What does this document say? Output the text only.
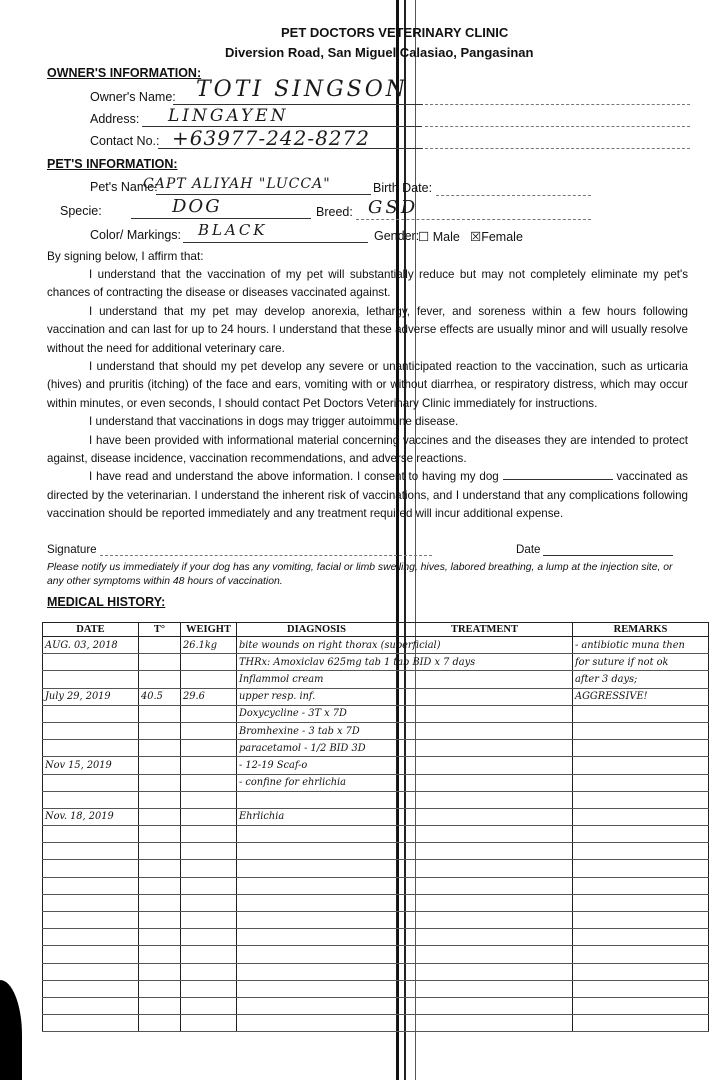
PET DOCTORS VETERINARY CLINIC
Diversion Road, San Miguel Calasiao, Pangasinan
OWNER'S INFORMATION:
Owner's Name: TOTI SINGSON
Address: LINGAYEN
Contact No.: +63977-242-8272
PET'S INFORMATION:
Pet's Name:
CAPT ALIYAH "LUCCA"	Birth Date:
Specie:	DOG	Breed: GSD
Color/ Markings: BLACK	Gender:
☐ Male ☒Female
By signing below, I affirm that:

I understand that the vaccination of my pet will substantially reduce but may not completely eliminate my pet's chances of contracting the disease or diseases vaccinated against.

I understand that my pet may develop anorexia, lethargy, fever, and soreness within a few hours following vaccination and can last for up to 24 hours. I understand that these adverse effects are usually minor and will usually resolve without the need for additional veterinary care.

I understand that should my pet develop any severe or unanticipated reaction to the vaccination, such as urticaria (hives) and pruritis (itching) of the face and ears, vomiting with or without diarrhea, or respiratory distress, which may occur within minutes, or even seconds, I should contact Pet Doctors Veterinary Clinic immediately for instructions.

I understand that vaccinations in dogs may trigger autoimmune disease.

I have been provided with informational material concerning vaccines and the diseases they are intended to protect against, disease incidence, vaccination recommendations, and adverse reactions.

I have read and understand the above information. I consent to having my dog	vaccinated as directed by the veterinarian. I understand the inherent risk of vaccinations, and I understand that any complications following vaccination should be reported immediately and any treatment required will incur additional expense.

Signature	Date
Please notify us immediately if your dog has any vomiting, facial or limb swelling, hives, labored breathing, a lump at the injection site, or any other symptoms within 48 hours of vaccination.
MEDICAL HISTORY:
DATE	T°	WEIGHT	DIAGNOSIS	TREATMENT	REMARKS
AUG. 03, 2018		26.1kg	bite wounds on right thorax (superficial)		- antibiotic muna then
			THRx: Amoxiclav 625mg tab 1 tab BID x 7 days		for suture if not ok
			Inflammol cream		after 3 days;
July 29, 2019	40.5	29.6	upper resp. inf.		AGGRESSIVE!
			Doxycycline - 3T x 7D		
			Bromhexine - 3 tab x 7D		
			paracetamol - 1/2 BID 3D		
Nov 15, 2019			- 12-19 Scaf-o		
			- confine for ehrlichia		

Nov. 18, 2019			Ehrlichia		
